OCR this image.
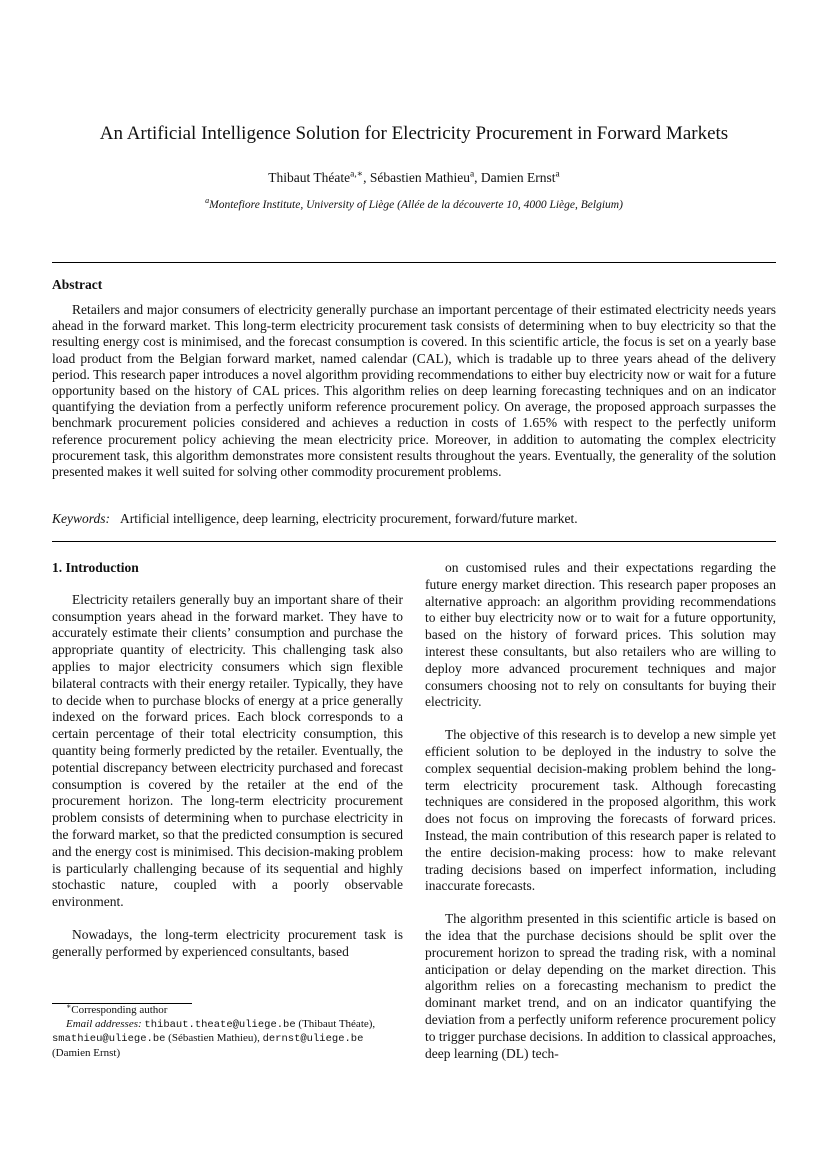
An Artificial Intelligence Solution for Electricity Procurement in Forward Markets
Thibaut Théate$^{a,∗}$, Sébastien Mathieu$^a$, Damien Ernst$^a$
$^a$Montefiore Institute, University of Liège (Allée de la découverte 10, 4000 Liège, Belgium)
Abstract
Retailers and major consumers of electricity generally purchase an important percentage of their estimated electricity needs years ahead in the forward market. This long-term electricity procurement task consists of determining when to buy electricity so that the resulting energy cost is minimised, and the forecast consumption is covered. In this scientific article, the focus is set on a yearly base load product from the Belgian forward market, named calendar (CAL), which is tradable up to three years ahead of the delivery period. This research paper introduces a novel algorithm providing recommendations to either buy electricity now or wait for a future opportunity based on the history of CAL prices. This algorithm relies on deep learning forecasting techniques and on an indicator quantifying the deviation from a perfectly uniform reference procurement policy. On average, the proposed approach surpasses the benchmark procurement policies considered and achieves a reduction in costs of 1.65% with respect to the perfectly uniform reference procurement policy achieving the mean electricity price. Moreover, in addition to automating the complex electricity procurement task, this algorithm demonstrates more consistent results throughout the years. Eventually, the generality of the solution presented makes it well suited for solving other commodity procurement problems.
Keywords: Artificial intelligence, deep learning, electricity procurement, forward/future market.
1. Introduction

Electricity retailers generally buy an important share of their consumption years ahead in the forward market. They have to accurately estimate their clients’ consumption and purchase the appropriate quantity of electricity. This challenging task also applies to major electricity consumers which sign flexible bilateral contracts with their energy retailer. Typically, they have to decide when to purchase blocks of energy at a price generally indexed on the forward prices. Each block corresponds to a certain percentage of their total electricity consumption, this quantity being formerly predicted by the retailer. Eventually, the potential discrepancy between electricity purchased and forecast consumption is covered by the retailer at the end of the procurement horizon. The long-term electricity procurement problem consists of determining when to purchase electricity in the forward market, so that the predicted consumption is secured and the energy cost is minimised. This decision-making problem is particularly challenging because of its sequential and highly stochastic nature, coupled with a poorly observable environment.

Nowadays, the long-term electricity procurement task is generally performed by experienced consultants, based

on customised rules and their expectations regarding the future energy market direction. This research paper proposes an alternative approach: an algorithm providing recommendations to either buy electricity now or to wait for a future opportunity, based on the history of forward prices. This solution may interest these consultants, but also retailers who are willing to deploy more advanced procurement techniques and major consumers choosing not to rely on consultants for buying their electricity.

The objective of this research is to develop a new simple yet efficient solution to be deployed in the industry to solve the complex sequential decision-making problem behind the long-term electricity procurement task. Although forecasting techniques are considered in the proposed algorithm, this work does not focus on improving the forecasts of forward prices. Instead, the main contribution of this research paper is related to the entire decision-making process: how to make relevant trading decisions based on imperfect information, including inaccurate forecasts.

The algorithm presented in this scientific article is based on the idea that the purchase decisions should be split over the procurement horizon to spread the trading risk, with a nominal anticipation or delay depending on the market direction. This algorithm relies on a forecasting mechanism to predict the dominant market trend, and on an indicator quantifying the deviation from a perfectly uniform reference procurement policy to trigger purchase decisions. In addition to classical approaches, deep learning (DL) tech-

∗Corresponding author
Email addresses: thibaut.theate@uliege.be (Thibaut Théate), smathieu@uliege.be (Sébastien Mathieu), dernst@uliege.be (Damien Ernst)
